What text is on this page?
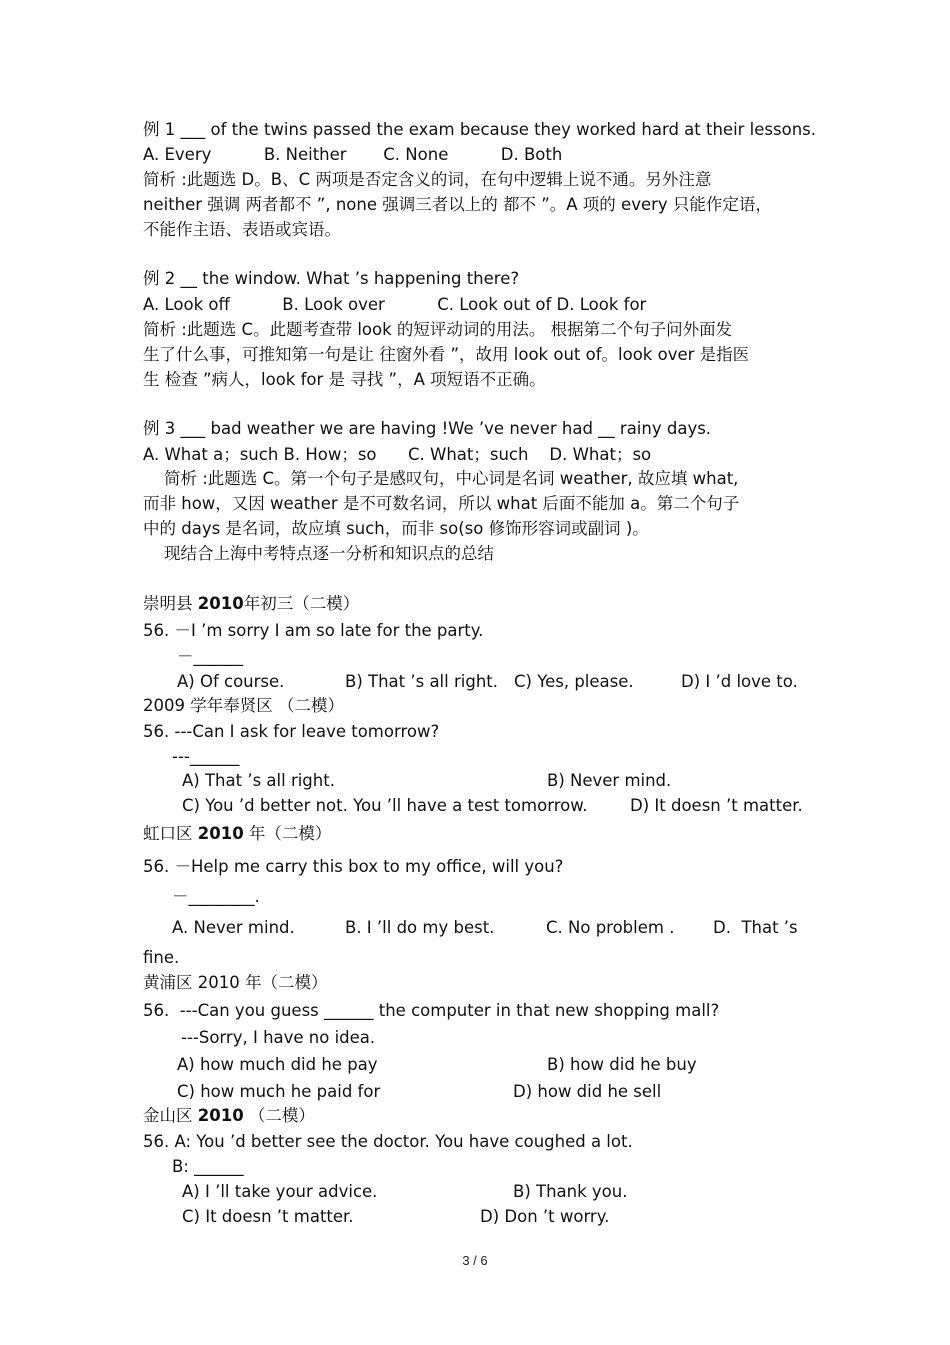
例 1 ___ of the twins passed the exam because they worked hard at their lessons.
A. Every          B. Neither       C. None          D. Both
简析 :此题选 D。B、C 两项是否定含义的词，在句中逻辑上说不通。另外注意
neither 强调 两者都不 ”, none 强调三者以上的 都不 ”。A 项的 every 只能作定语，
不能作主语、表语或宾语。
例 2 __ the window. What ’s happening there?
A. Look off          B. Look over          C. Look out of D. Look for
简析 :此题选 C。此题考查带 look 的短评动词的用法。 根据第二个句子问外面发
生了什么事，可推知第一句是让 往窗外看 ”，故用 look out of。look over 是指医
生 检查 ”病人，look for 是 寻找 ”，A 项短语不正确。
例 3 ___ bad weather we are having !We ’ve never had __ rainy days.
A. What a；such B. How；so      C. What；such    D. What；so
简析 :此题选 C。第一个句子是感叹句，中心词是名词 weather, 故应填 what,
而非 how，又因 weather 是不可数名词，所以 what 后面不能加 a。第二个句子
中的 days 是名词，故应填 such，而非 so(so 修饰形容词或副词 )。
现结合上海中考特点逐一分析和知识点的总结
崇明县 2010年初三（二模）
56. －I ’m sorry I am so late for the party.
－______
A) Of course.	B) That ’s all right. C) Yes, please.	D) I ’d love to.
2009 学年奉贤区 （二模）
56. ---Can I ask for leave tomorrow?
---______
A) That ’s all right.	B) Never mind.
C) You ’d better not. You ’ll have a test tomorrow.	D) It doesn ’t matter.
虹口区 2010 年（二模）
56. －Help me carry this box to my office, will you?
－________.
A. Never mind.	B. I ’ll do my best.	C. No problem . D.  That ’s
fine.
黄浦区 2010 年（二模）
56.  ---Can you guess ______ the computer in that new shopping mall?
---Sorry, I have no idea.
A) how much did he pay	B) how did he buy
C) how much he paid for	D) how did he sell
金山区 2010 （二模）
56. A: You ’d better see the doctor. You have coughed a lot.
B: ______
A) I ’ll take your advice.	B) Thank you.
C) It doesn ’t matter.	D) Don ’t worry.
3 / 6
